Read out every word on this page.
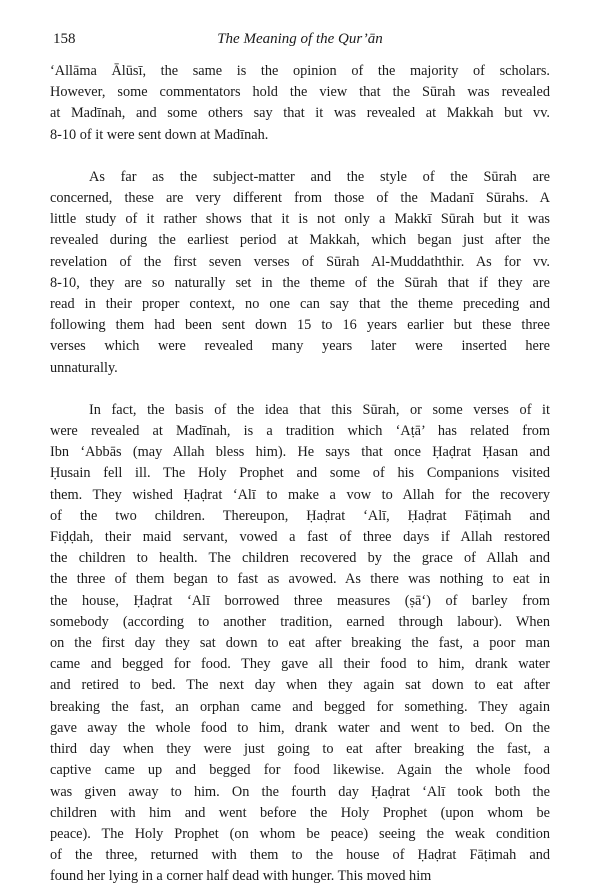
158	The Meaning of the Qur’ān
‘Allāma Ālūsī, the same is the opinion of the majority of scholars.
However, some commentators hold the view that the Sūrah was revealed
at Madīnah, and some others say that it was revealed at Makkah but vv.
8-10 of it were sent down at Madīnah.
As far as the subject-matter and the style of the Sūrah are
concerned, these are very different from those of the Madanī Sūrahs. A
little study of it rather shows that it is not only a Makkī Sūrah but it was
revealed during the earliest period at Makkah, which began just after the
revelation of the first seven verses of Sūrah Al-Muddaththir. As for vv.
8-10, they are so naturally set in the theme of the Sūrah that if they are
read in their proper context, no one can say that the theme preceding and
following them had been sent down 15 to 16 years earlier but these three
verses which were revealed many years later were inserted here
unnaturally.
In fact, the basis of the idea that this Sūrah, or some verses of it
were revealed at Madīnah, is a tradition which ‘Aṭā’ has related from
Ibn ‘Abbās (may Allah bless him). He says that once Ḥaḍrat Ḥasan and
Ḥusain fell ill. The Holy Prophet and some of his Companions visited
them. They wished Ḥaḍrat ‘Alī to make a vow to Allah for the recovery
of the two children. Thereupon, Ḥaḍrat ‘Alī, Ḥaḍrat Fāṭimah and
Fiḍḍah, their maid servant, vowed a fast of three days if Allah restored
the children to health. The children recovered by the grace of Allah and
the three of them began to fast as avowed. As there was nothing to eat in
the house, Ḥaḍrat ‘Alī borrowed three measures (ṣā‘) of barley from
somebody (according to another tradition, earned through labour). When
on the first day they sat down to eat after breaking the fast, a poor man
came and begged for food. They gave all their food to him, drank water
and retired to bed. The next day when they again sat down to eat after
breaking the fast, an orphan came and begged for something. They again
gave away the whole food to him, drank water and went to bed. On the
third day when they were just going to eat after breaking the fast, a
captive came up and begged for food likewise. Again the whole food
was given away to him. On the fourth day Ḥaḍrat ‘Alī took both the
children with him and went before the Holy Prophet (upon whom be
peace). The Holy Prophet (on whom be peace) seeing the weak condition
of the three, returned with them to the house of Ḥaḍrat Fāṭimah and
found her lying in a corner half dead with hunger. This moved him
